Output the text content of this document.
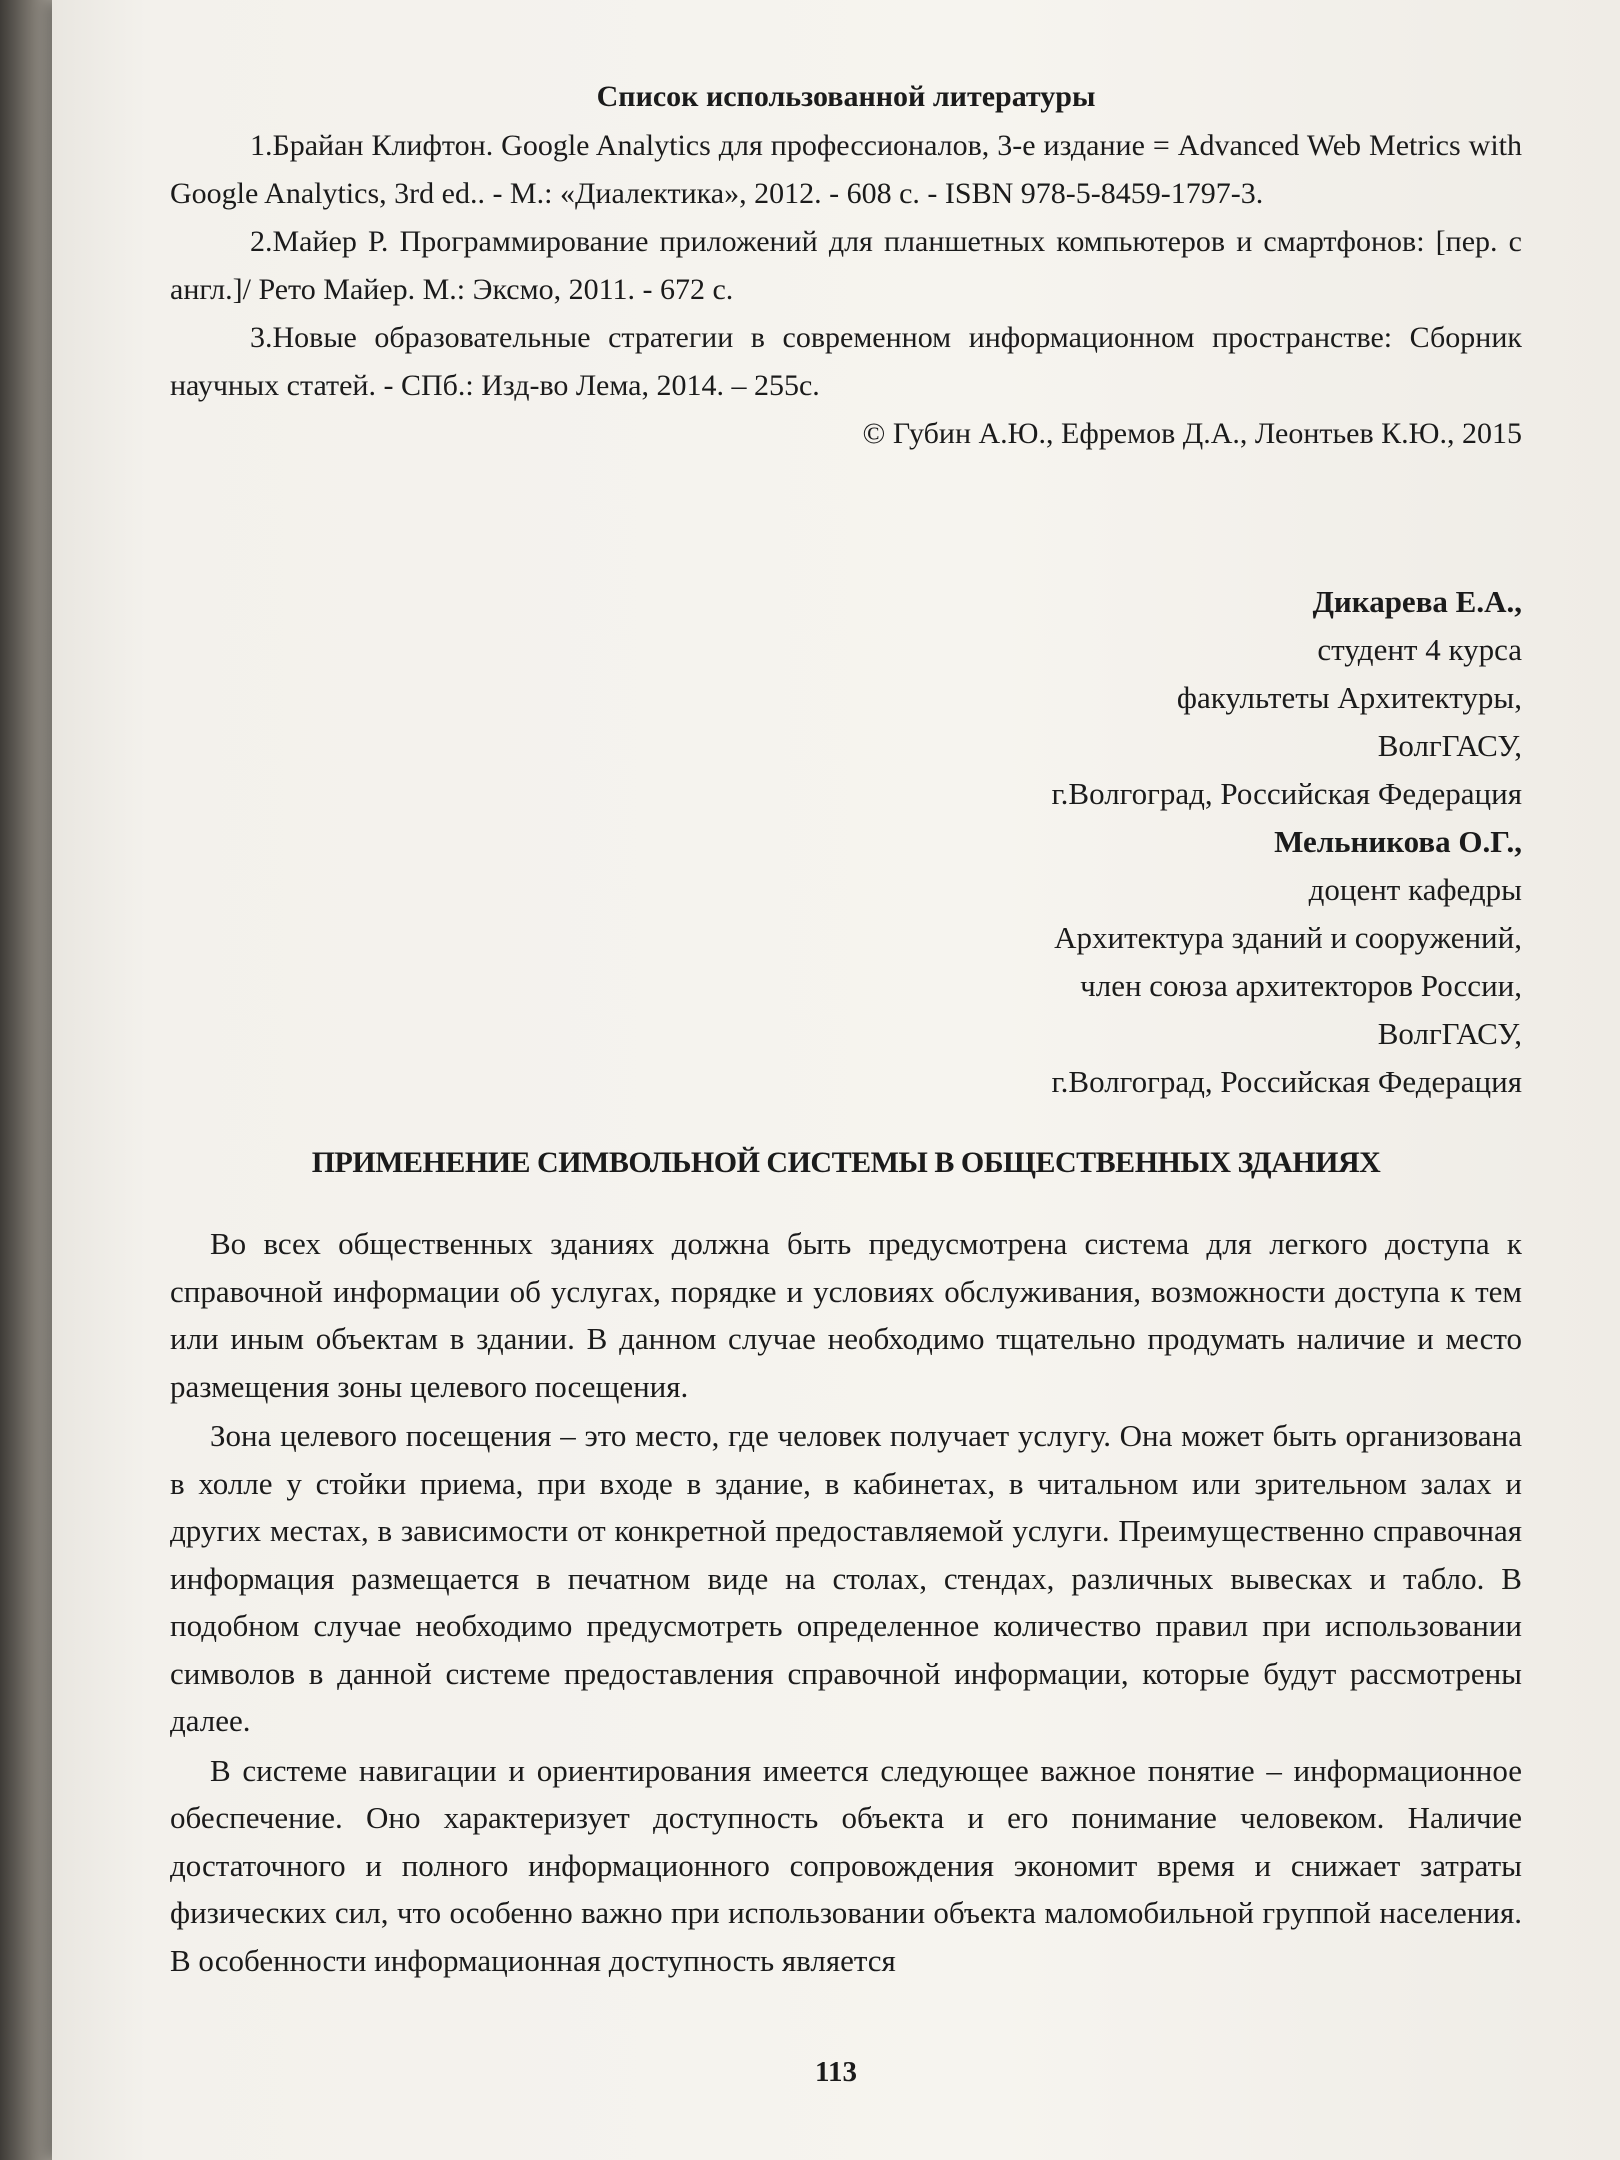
Список использованной литературы

1.Брайан Клифтон. Google Analytics для профессионалов, 3-е издание = Advanced Web Metrics with Google Analytics, 3rd ed.. - М.: «Диалектика», 2012. - 608 с. - ISBN 978-5-8459-1797-3.

2.Майер Р. Программирование приложений для планшетных компьютеров и смартфонов: [пер. с англ.]/ Рето Майер. М.: Эксмо, 2011. - 672 с.

3.Новые образовательные стратегии в современном информационном пространстве: Сборник научных статей. - СПб.: Изд-во Лема, 2014. – 255с.

© Губин А.Ю., Ефремов Д.А., Леонтьев К.Ю., 2015

Дикарева Е.А.,
студент 4 курса
факультеты Архитектуры,
ВолгГАСУ,
г.Волгоград, Российская Федерация
Мельникова О.Г.,
доцент кафедры
Архитектура зданий и сооружений,
член союза архитекторов России,
ВолгГАСУ,
г.Волгоград, Российская Федерация
ПРИМЕНЕНИЕ СИМВОЛЬНОЙ СИСТЕМЫ В ОБЩЕСТВЕННЫХ ЗДАНИЯХ

Во всех общественных зданиях должна быть предусмотрена система для легкого доступа к справочной информации об услугах, порядке и условиях обслуживания, возможности доступа к тем или иным объектам в здании. В данном случае необходимо тщательно продумать наличие и место размещения зоны целевого посещения.

Зона целевого посещения – это место, где человек получает услугу. Она может быть организована в холле у стойки приема, при входе в здание, в кабинетах, в читальном или зрительном залах и других местах, в зависимости от конкретной предоставляемой услуги. Преимущественно справочная информация размещается в печатном виде на столах, стендах, различных вывесках и табло. В подобном случае необходимо предусмотреть определенное количество правил при использовании символов в данной системе предоставления справочной информации, которые будут рассмотрены далее.

В системе навигации и ориентирования имеется следующее важное понятие – информационное обеспечение. Оно характеризует доступность объекта и его понимание человеком. Наличие достаточного и полного информационного сопровождения экономит время и снижает затраты физических сил, что особенно важно при использовании объекта маломобильной группой населения. В особенности информационная доступность является

113
